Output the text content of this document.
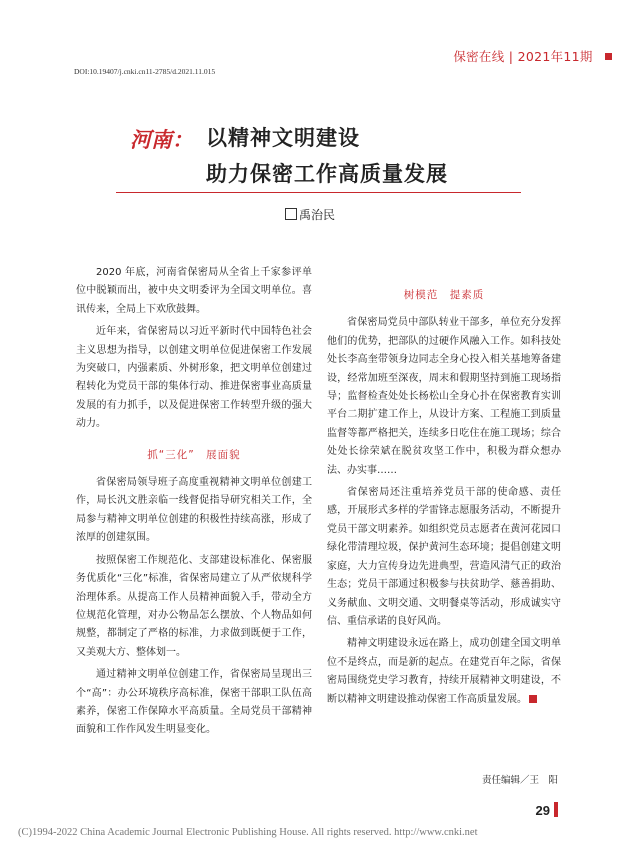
保密在线 | 2021年11期
DOI:10.19407/j.cnki.cn11-2785/d.2021.11.015
河南： 以精神文明建设
助力保密工作高质量发展
禹治民

2020 年底，河南省保密局从全省上千家参评单位中脱颖而出，被中央文明委评为全国文明单位。喜讯传来，全局上下欢欣鼓舞。

近年来，省保密局以习近平新时代中国特色社会主义思想为指导，以创建文明单位促进保密工作发展为突破口，内强素质、外树形象，把文明单位创建过程转化为党员干部的集体行动、推进保密事业高质量发展的有力抓手，以及促进保密工作转型升级的强大动力。

抓“三化”　展面貌

省保密局领导班子高度重视精神文明单位创建工作，局长汎文胜亲临一线督促指导研究相关工作，全局参与精神文明单位创建的积极性持续高涨，形成了浓厚的创建氛围。

按照保密工作规范化、支部建设标准化、保密服务优质化“三化”标准，省保密局建立了从严依规科学治理体系。从提高工作人员精神面貌入手，带动全方位规范化管理，对办公物品怎么摆放、个人物品如何规整，都制定了严格的标准，力求做到既便于工作，又美观大方、整体划一。

通过精神文明单位创建工作，省保密局呈现出三个“高”：办公环境秩序高标准，保密干部职工队伍高素养，保密工作保障水平高质量。全局党员干部精神面貌和工作作风发生明显变化。

树模范　提素质

省保密局党员中部队转业干部多，单位充分发挥他们的优势，把部队的过硬作风融入工作。如科技处处长李高奎带领身边同志全身心投入相关基地筹备建设，经常加班至深夜，周末和假期坚持到施工现场指导；监督检查处处长杨松山全身心扑在保密教育实训平台二期扩建工作上，从设计方案、工程施工到质量监督等都严格把关，连续多日吃住在施工现场；综合处处长徐荣斌在脱贫攻坚工作中，积极为群众想办法、办实事……

省保密局还注重培养党员干部的使命感、责任感，开展形式多样的学雷锋志愿服务活动，不断提升党员干部文明素养。如组织党员志愿者在黄河花园口绿化带清理垃圾，保护黄河生态环境；提倡创建文明家庭，大力宣传身边先进典型，营造风清气正的政治生态；党员干部通过积极参与扶贫助学、慈善捐助、义务献血、文明交通、文明餐桌等活动，形成诚实守信、重信承诺的良好风尚。

精神文明建设永远在路上，成功创建全国文明单位不是终点，而是新的起点。在建党百年之际，省保密局围绕党史学习教育，持续开展精神文明建设，不断以精神文明建设推动保密工作高质量发展。

责任编辑／王　阳
29
(C)1994-2022 China Academic Journal Electronic Publishing House. All rights reserved. http://www.cnki.net
